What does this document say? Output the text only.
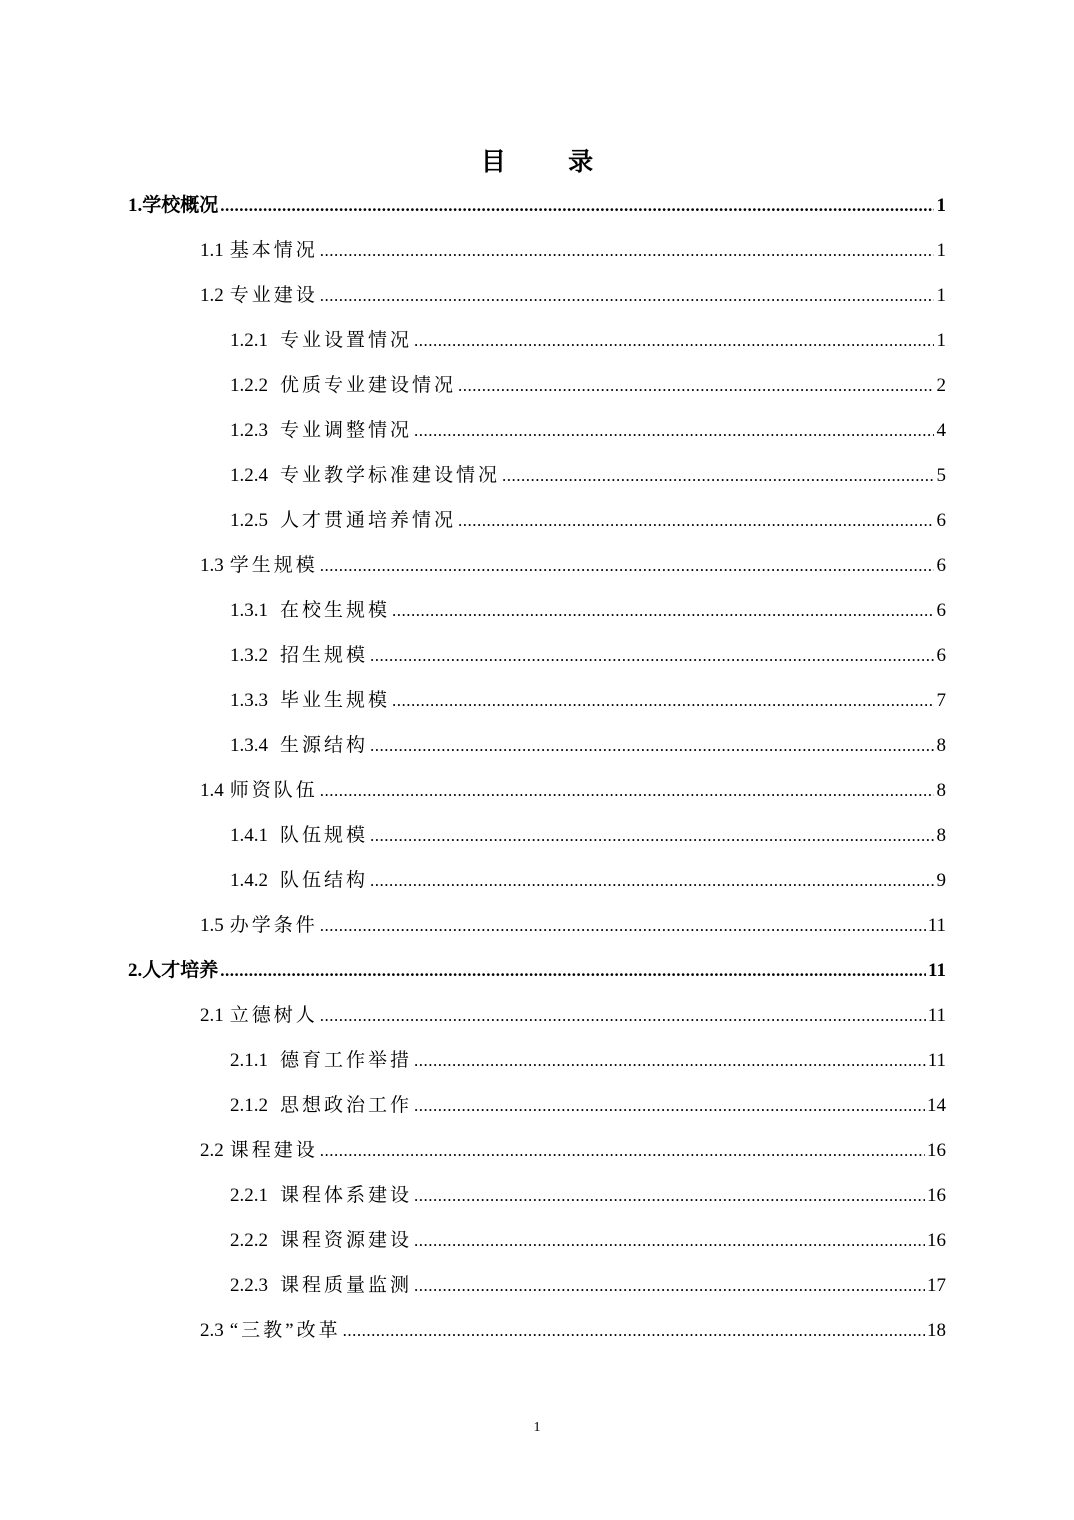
目 录
1.学校概况 .....	1
1.1 基本情况 .....	1
1.2 专业建设 .....	1
1.2.1 专业设置情况 .....	1
1.2.2 优质专业建设情况 .....	2
1.2.3 专业调整情况 .....	4
1.2.4 专业教学标准建设情况 .....	5
1.2.5 人才贯通培养情况 .....	6
1.3 学生规模 .....	6
1.3.1 在校生规模 .....	6
1.3.2 招生规模 .....	6
1.3.3 毕业生规模 .....	7
1.3.4 生源结构 .....	8
1.4 师资队伍 .....	8
1.4.1 队伍规模 .....	8
1.4.2 队伍结构 .....	9
1.5 办学条件 .....	11
2.人才培养 .....	11
2.1 立德树人 .....	11
2.1.1 德育工作举措 .....	11
2.1.2 思想政治工作 .....	14
2.2 课程建设 .....	16
2.2.1 课程体系建设 .....	16
2.2.2 课程资源建设 .....	16
2.2.3 课程质量监测 .....	17
2.3 “三教”改革 .....	18
1
